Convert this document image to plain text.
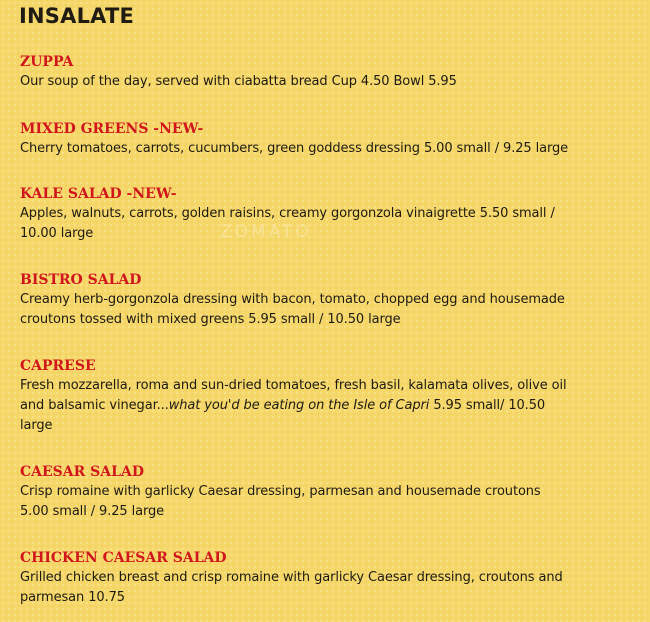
INSALATE
ZOMATO

ZUPPA

Our soup of the day, served with ciabatta bread Cup 4.50 Bowl 5.95

MIXED GREENS -NEW-

Cherry tomatoes, carrots, cucumbers, green goddess dressing 5.00 small / 9.25 large

KALE SALAD -NEW-

Apples, walnuts, carrots, golden raisins, creamy gorgonzola vinaigrette 5.50 small /

10.00 large

BISTRO SALAD

Creamy herb-gorgonzola dressing with bacon, tomato, chopped egg and housemade

croutons tossed with mixed greens 5.95 small / 10.50 large

CAPRESE

Fresh mozzarella, roma and sun-dried tomatoes, fresh basil, kalamata olives, olive oil

and balsamic vinegar...what you'd be eating on the Isle of Capri 5.95 small/ 10.50

large

CAESAR SALAD

Crisp romaine with garlicky Caesar dressing, parmesan and housemade croutons

5.00 small / 9.25 large

CHICKEN CAESAR SALAD

Grilled chicken breast and crisp romaine with garlicky Caesar dressing, croutons and

parmesan 10.75
